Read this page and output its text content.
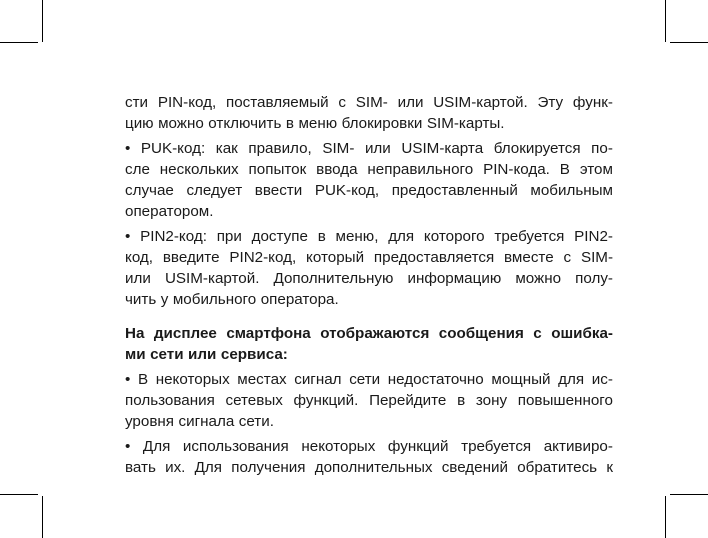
сти PIN-код, поставляемый с SIM- или USIM-картой. Эту функ-
цию можно отключить в меню блокировки SIM-карты.
• PUK-код: как правило, SIM- или USIM-карта блокируется по-
сле нескольких попыток ввода неправильного PIN-кода. В этом
случае следует ввести PUK-код, предоставленный мобильным
оператором.
• PIN2-код: при доступе в меню, для которого требуется PIN2-
код, введите PIN2-код, который предоставляется вместе с SIM-
или USIM-картой. Дополнительную информацию можно полу-
чить у мобильного оператора.
На дисплее смартфона отображаются сообщения с ошибка-
ми сети или сервиса:
• В некоторых местах сигнал сети недостаточно мощный для ис-
пользования сетевых функций. Перейдите в зону повышенного
уровня сигнала сети.
• Для использования некоторых функций требуется активиро-
вать их. Для получения дополнительных сведений обратитесь к
